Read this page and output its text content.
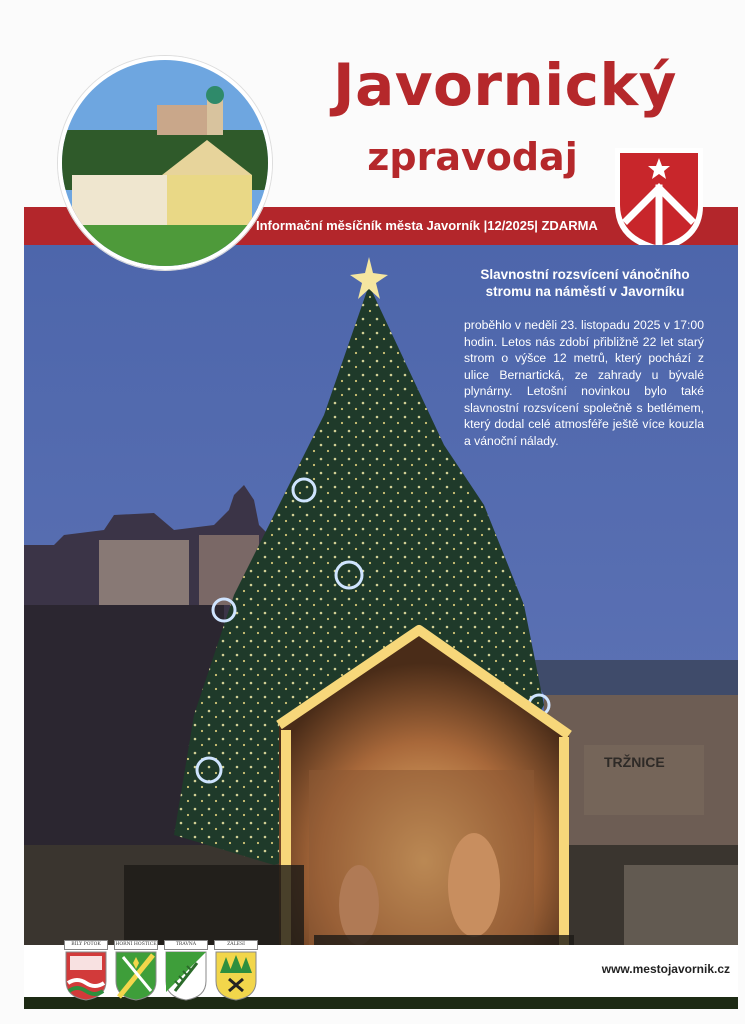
Javornický
zpravodaj
Informační měsíčník města Javorník |12/2025| ZDARMA
TRŽNICE
Slavnostní rozsvícení vánočního stromu na náměstí v Javorníku
proběhlo v neděli 23. listopadu 2025 v 17:00 hodin. Letos nás zdobí přibližně 22 let starý strom o výšce 12 metrů, který pochází z ulice Bernartická, ze zahrady u bývalé plynárny. Letošní novinkou bylo také slavnostní rozsvícení společně s betlémem, který dodal celé atmosféře ještě více kouzla a vánoční nálady.
www.mestojavornik.cz
BÍLÝ POTOK	HORNÍ HOŠTICE	TRAVNÁ	ZÁLESÍ
